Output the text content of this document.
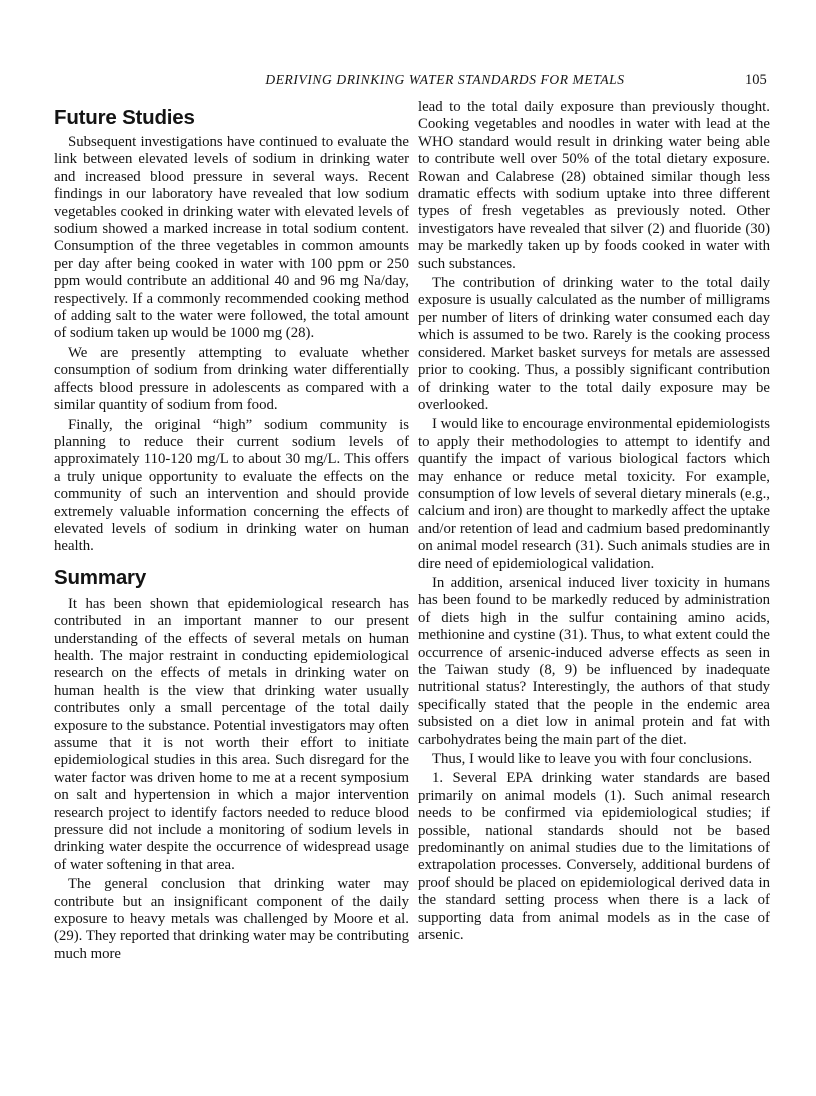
DERIVING DRINKING WATER STANDARDS FOR METALS	105
Future Studies

Subsequent investigations have continued to evaluate the link between elevated levels of sodium in drinking water and increased blood pressure in several ways. Recent findings in our laboratory have revealed that low sodium vegetables cooked in drinking water with elevated levels of sodium showed a marked increase in total sodium content. Consumption of the three vegetables in common amounts per day after being cooked in water with 100 ppm or 250 ppm would contribute an additional 40 and 96 mg Na/day, respectively. If a commonly recommended cooking method of adding salt to the water were followed, the total amount of sodium taken up would be 1000 mg (28).

We are presently attempting to evaluate whether consumption of sodium from drinking water differentially affects blood pressure in adolescents as compared with a similar quantity of sodium from food.

Finally, the original “high” sodium community is planning to reduce their current sodium levels of approximately 110-120 mg/L to about 30 mg/L. This offers a truly unique opportunity to evaluate the effects on the community of such an intervention and should provide extremely valuable information concerning the effects of elevated levels of sodium in drinking water on human health.

Summary

It has been shown that epidemiological research has contributed in an important manner to our present understanding of the effects of several metals on human health. The major restraint in conducting epidemiological research on the effects of metals in drinking water on human health is the view that drinking water usually contributes only a small percentage of the total daily exposure to the substance. Potential investigators may often assume that it is not worth their effort to initiate epidemiological studies in this area. Such disregard for the water factor was driven home to me at a recent symposium on salt and hypertension in which a major intervention research project to identify factors needed to reduce blood pressure did not include a monitoring of sodium levels in drinking water despite the occurrence of widespread usage of water softening in that area.

The general conclusion that drinking water may contribute but an insignificant component of the daily exposure to heavy metals was challenged by Moore et al. (29). They reported that drinking water may be contributing much more

lead to the total daily exposure than previously thought. Cooking vegetables and noodles in water with lead at the WHO standard would result in drinking water being able to contribute well over 50% of the total dietary exposure. Rowan and Calabrese (28) obtained similar though less dramatic effects with sodium uptake into three different types of fresh vegetables as previously noted. Other investigators have revealed that silver (2) and fluoride (30) may be markedly taken up by foods cooked in water with such substances.

The contribution of drinking water to the total daily exposure is usually calculated as the number of milligrams per number of liters of drinking water consumed each day which is assumed to be two. Rarely is the cooking process considered. Market basket surveys for metals are assessed prior to cooking. Thus, a possibly significant contribution of drinking water to the total daily exposure may be overlooked.

I would like to encourage environmental epidemiologists to apply their methodologies to attempt to identify and quantify the impact of various biological factors which may enhance or reduce metal toxicity. For example, consumption of low levels of several dietary minerals (e.g., calcium and iron) are thought to markedly affect the uptake and/or retention of lead and cadmium based predominantly on animal model research (31). Such animals studies are in dire need of epidemiological validation.

In addition, arsenical induced liver toxicity in humans has been found to be markedly reduced by administration of diets high in the sulfur containing amino acids, methionine and cystine (31). Thus, to what extent could the occurrence of arsenic-induced adverse effects as seen in the Taiwan study (8, 9) be influenced by inadequate nutritional status? Interestingly, the authors of that study specifically stated that the people in the endemic area subsisted on a diet low in animal protein and fat with carbohydrates being the main part of the diet.

Thus, I would like to leave you with four conclusions.

1. Several EPA drinking water standards are based primarily on animal models (1). Such animal research needs to be confirmed via epidemiological studies; if possible, national standards should not be based predominantly on animal studies due to the limitations of extrapolation processes. Conversely, additional burdens of proof should be placed on epidemiological derived data in the standard setting process when there is a lack of supporting data from animal models as in the case of arsenic.
